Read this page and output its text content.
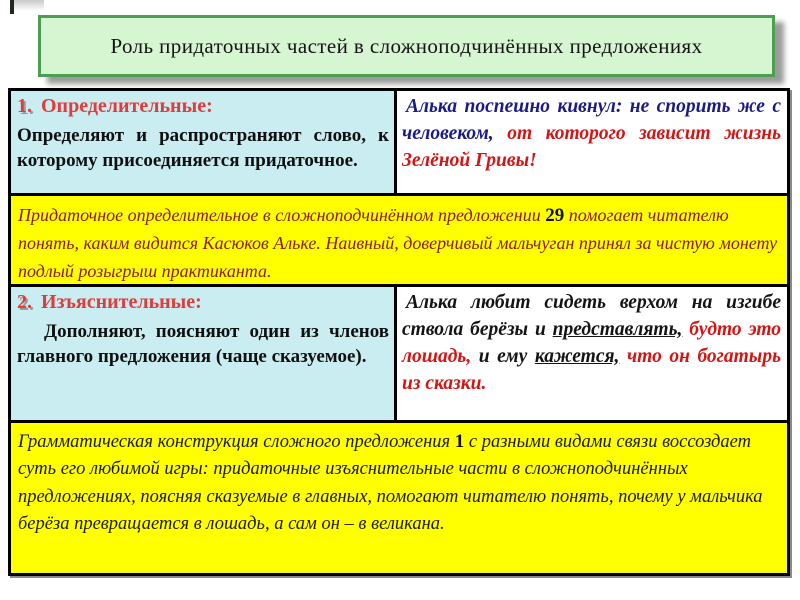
Роль придаточных частей в сложноподчинённых предложениях
1. Определительные:
Определяют и распространяют слово, к которому присоединяется придаточное.
Алька поспешно кивнул: не спорить же с человеком, от которого зависит жизнь Зелёной Гривы!
Придаточное определительное в сложноподчинённом предложении 29 помогает читателю понять, каким видится Касюков Альке. Наивный, доверчивый мальчуган принял за чистую монету подлый розыгрыш практиканта.
2. Изъяснительные:
Дополняют, поясняют один из членов главного предложения (чаще сказуемое).
Алька любит сидеть верхом на изгибе ствола берёзы и представлять, будто это лошадь, и ему кажется, что он богатырь из сказки.
Грамматическая конструкция сложного предложения 1 с разными видами связи воссоздает суть его любимой игры: придаточные изъяснительные части в сложноподчинённых предложениях, поясняя сказуемые в главных, помогают читателю понять, почему у мальчика берёза превращается в лошадь, а сам он – в великана.
